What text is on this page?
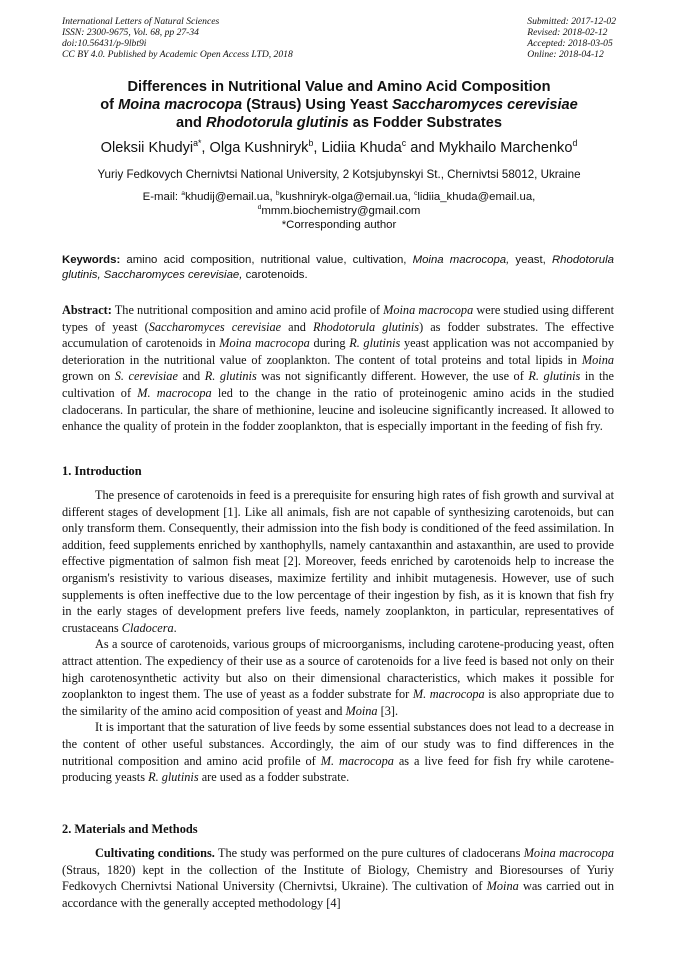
International Letters of Natural Sciences
ISSN: 2300-9675, Vol. 68, pp 27-34
doi:10.56431/p-9lbt9i
CC BY 4.0. Published by Academic Open Access LTD, 2018
Submitted: 2017-12-02
Revised: 2018-02-12
Accepted: 2018-03-05
Online: 2018-04-12
Differences in Nutritional Value and Amino Acid Composition
of Moina macrocopa (Straus) Using Yeast Saccharomyces cerevisiae
and Rhodotorula glutinis as Fodder Substrates
Oleksii Khudyi$^{a*}$, Olga Kushniryk$^b$, Lidiia Khuda$^c$ and Mykhailo Marchenko$^d$
Yuriy Fedkovych Chernivtsi National University, 2 Kotsjubynskyi St., Chernivtsi 58012, Ukraine
E-mail: $^a$khudij@email.ua, $^b$kushniryk-olga@email.ua, $^c$lidiia_khuda@email.ua,
$^d$mmm.biochemistry@gmail.com
*Corresponding author
Keywords: amino acid composition, nutritional value, cultivation, Moina macrocopa, yeast, Rhodotorula glutinis, Saccharomyces cerevisiae, carotenoids.
Abstract: The nutritional composition and amino acid profile of Moina macrocopa were studied using different types of yeast (Saccharomyces cerevisiae and Rhodotorula glutinis) as fodder substrates. The effective accumulation of carotenoids in Moina macrocopa during R. glutinis yeast application was not accompanied by deterioration in the nutritional value of zooplankton. The content of total proteins and total lipids in Moina grown on S. cerevisiae and R. glutinis was not significantly different. However, the use of R. glutinis in the cultivation of M. macrocopa led to the change in the ratio of proteinogenic amino acids in the studied cladocerans. In particular, the share of methionine, leucine and isoleucine significantly increased. It allowed to enhance the quality of protein in the fodder zooplankton, that is especially important in the feeding of fish fry.
1. Introduction

The presence of carotenoids in feed is a prerequisite for ensuring high rates of fish growth and survival at different stages of development [1]. Like all animals, fish are not capable of synthesizing carotenoids, but can only transform them. Consequently, their admission into the fish body is conditioned of the feed assimilation. In addition, feed supplements enriched by xanthophylls, namely cantaxanthin and astaxanthin, are used to provide effective pigmentation of salmon fish meat [2]. Moreover, feeds enriched by carotenoids help to increase the organism's resistivity to various diseases, maximize fertility and inhibit mutagenesis. However, use of such supplements is often ineffective due to the low percentage of their ingestion by fish, as it is known that fish fry in the early stages of development prefers live feeds, namely zooplankton, in particular, representatives of crustaceans Cladocera.

As a source of carotenoids, various groups of microorganisms, including carotene-producing yeast, often attract attention. The expediency of their use as a source of carotenoids for a live feed is based not only on their high carotenosynthetic activity but also on their dimensional characteristics, which makes it possible for zooplankton to ingest them. The use of yeast as a fodder substrate for M. macrocopa is also appropriate due to the similarity of the amino acid composition of yeast and Moina [3].

It is important that the saturation of live feeds by some essential substances does not lead to a decrease in the content of other useful substances. Accordingly, the aim of our study was to find differences in the nutritional composition and amino acid profile of M. macrocopa as a live feed for fish fry while carotene-producing yeasts R. glutinis are used as a fodder substrate.

2. Materials and Methods

Cultivating conditions. The study was performed on the pure cultures of cladocerans Moina macrocopa (Straus, 1820) kept in the collection of the Institute of Biology, Chemistry and Bioresourses of Yuriy Fedkovych Chernivtsi National University (Chernivtsi, Ukraine). The cultivation of Moina was carried out in accordance with the generally accepted methodology [4]
